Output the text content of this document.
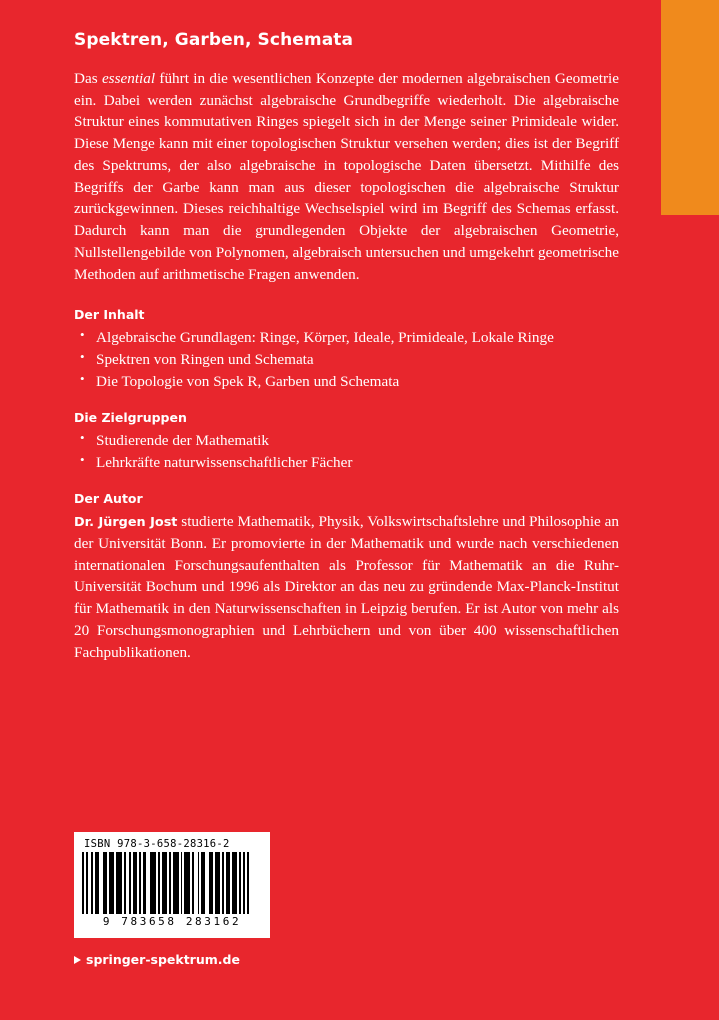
Spektren, Garben, Schemata

Das essential führt in die wesentlichen Konzepte der modernen algebraischen Geometrie ein. Dabei werden zunächst algebraische Grundbegriffe wiederholt. Die algebraische Struktur eines kommutativen Ringes spiegelt sich in der Menge seiner Primideale wider. Diese Menge kann mit einer topologischen Struktur versehen werden; dies ist der Begriff des Spektrums, der also algebraische in topologische Daten übersetzt. Mithilfe des Begriffs der Garbe kann man aus dieser topologischen die algebraische Struktur zurückgewinnen. Dieses reichhaltige Wechselspiel wird im Begriff des Schemas erfasst. Dadurch kann man die grundlegenden Objekte der algebraischen Geometrie, Nullstellengebilde von Polynomen, algebraisch untersuchen und umgekehrt geometrische Methoden auf arithmetische Fragen anwenden.

Der Inhalt
• Algebraische Grundlagen: Ringe, Körper, Ideale, Primideale, Lokale Ringe
• Spektren von Ringen und Schemata
• Die Topologie von Spek R, Garben und Schemata
Die Zielgruppen
• Studierende der Mathematik
• Lehrkräfte naturwissenschaftlicher Fächer
Der Autor

Dr. Jürgen Jost studierte Mathematik, Physik, Volkswirtschaftslehre und Philosophie an der Universität Bonn. Er promovierte in der Mathematik und wurde nach verschiedenen internationalen Forschungsaufenthalten als Professor für Mathematik an die Ruhr-Universität Bochum und 1996 als Direktor an das neu zu gründende Max-Planck-Institut für Mathematik in den Naturwissenschaften in Leipzig berufen. Er ist Autor von mehr als 20 Forschungsmonographien und Lehrbüchern und von über 400 wissenschaftlichen Fachpublikationen.

ISBN 978-3-658-28316-2
9 783658 283162
springer-spektrum.de
